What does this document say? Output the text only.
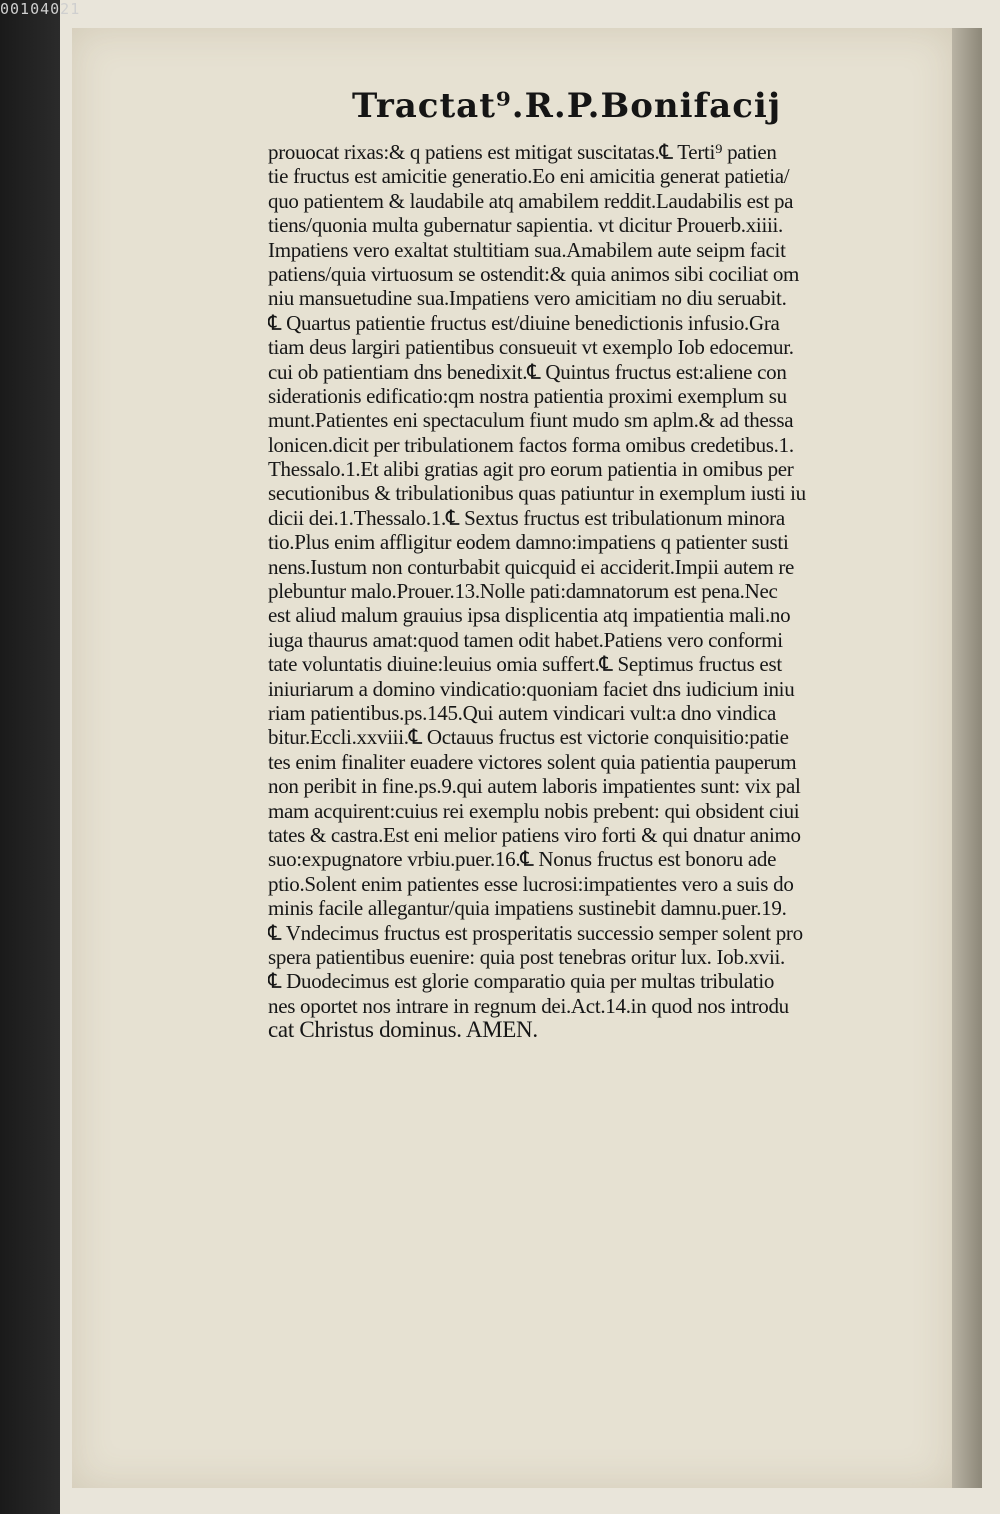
00104021
Tractat⁹.R.P.Bonifacij
prouocat rixas:& q patiens est mitigat suscitatas.℄ Terti⁹ patien
tie fructus est amicitie generatio.Eo eni amicitia generat patietia/
quo patientem & laudabile atq amabilem reddit.Laudabilis est pa
tiens/quonia multa gubernatur sapientia. vt dicitur Prouerb.xiiii.
Impatiens vero exaltat stultitiam sua.Amabilem aute seipm facit
patiens/quia virtuosum se ostendit:& quia animos sibi cociliat om
niu mansuetudine sua.Impatiens vero amicitiam no diu seruabit.
℄ Quartus patientie fructus est/diuine benedictionis infusio.Gra
tiam deus largiri patientibus consueuit vt exemplo Iob edocemur.
cui ob patientiam dns benedixit.℄ Quintus fructus est:aliene con
siderationis edificatio:qm nostra patientia proximi exemplum su
munt.Patientes eni spectaculum fiunt mudo sm aplm.& ad thessa
lonicen.dicit per tribulationem factos forma omibus credetibus.1.
Thessalo.1.Et alibi gratias agit pro eorum patientia in omibus per
secutionibus & tribulationibus quas patiuntur in exemplum iusti iu
dicii dei.1.Thessalo.1.℄ Sextus fructus est tribulationum minora
tio.Plus enim affligitur eodem damno:impatiens q patienter susti
nens.Iustum non conturbabit quicquid ei acciderit.Impii autem re
plebuntur malo.Prouer.13.Nolle pati:damnatorum est pena.Nec
est aliud malum grauius ipsa displicentia atq impatientia mali.no
iuga thaurus amat:quod tamen odit habet.Patiens vero conformi
tate voluntatis diuine:leuius omia suffert.℄ Septimus fructus est
iniuriarum a domino vindicatio:quoniam faciet dns iudicium iniu
riam patientibus.ps.145.Qui autem vindicari vult:a dno vindica
bitur.Eccli.xxviii.℄ Octauus fructus est victorie conquisitio:patie
tes enim finaliter euadere victores solent quia patientia pauperum
non peribit in fine.ps.9.qui autem laboris impatientes sunt: vix pal
mam acquirent:cuius rei exemplu nobis prebent: qui obsident ciui
tates & castra.Est eni melior patiens viro forti & qui dnatur animo
suo:expugnatore vrbiu.puer.16.℄ Nonus fructus est bonoru ade
ptio.Solent enim patientes esse lucrosi:impatientes vero a suis do
minis facile allegantur/quia impatiens sustinebit damnu.puer.19.
℄ Vndecimus fructus est prosperitatis successio semper solent pro
spera patientibus euenire: quia post tenebras oritur lux. Iob.xvii.
℄ Duodecimus est glorie comparatio quia per multas tribulatio
nes oportet nos intrare in regnum dei.Act.14.in quod nos introdu
cat Christus dominus. AMEN.
